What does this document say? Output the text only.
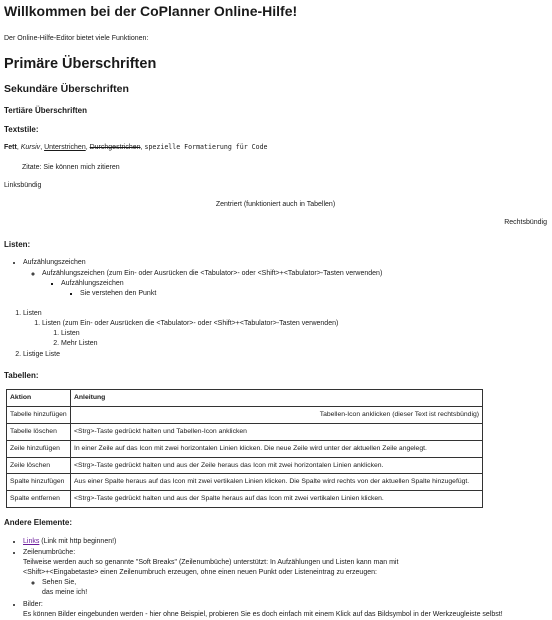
Willkommen bei der CoPlanner Online-Hilfe!

Der Online-Hilfe-Editor bietet viele Funktionen:

Primäre Überschriften
Sekundäre Überschriften
Tertiäre Überschriften
Textstile:

Fett, Kursiv, Unterstrichen, Durchgestrichen, spezielle Formatierung für Code

Zitate: Sie können mich zitieren

Linksbündig

Zentriert (funktioniert auch in Tabellen)

Rechtsbündig

Listen:
• Aufzählungszeichen
◦ Aufzählungszeichen (zum Ein- oder Ausrücken die <Tabulator>- oder <Shift>+<Tabulator>-Tasten verwenden)
▪ Aufzählungszeichen
▪ Sie verstehen den Punkt
1. Listen
1. Listen (zum Ein- oder Ausrücken die <Tabulator>- oder <Shift>+<Tabulator>-Tasten verwenden)
1. Listen
2. Mehr Listen
2. Listige Liste
Tabellen:
Aktion	Anleitung
Tabelle hinzufügen	Tabellen-Icon anklicken (dieser Text ist rechtsbündig)
Tabelle löschen	<Strg>-Taste gedrückt halten und Tabellen-Icon anklicken
Zeile hinzufügen	In einer Zeile auf das Icon mit zwei horizontalen Linien klicken. Die neue Zeile wird unter der aktuellen Zeile angelegt.
Zeile löschen	<Strg>-Taste gedrückt halten und aus der Zeile heraus das Icon mit zwei horizontalen Linien anklicken.
Spalte hinzufügen	Aus einer Spalte heraus auf das Icon mit zwei vertikalen Linien klicken. Die Spalte wird rechts von der aktuellen Spalte hinzugefügt.
Spalte entfernen	<Strg>-Taste gedrückt halten und aus der Spalte heraus auf das Icon mit zwei vertikalen Linien klicken.
Andere Elemente:
• Links (Link mit http beginnen!)
• Zeilenumbrüche:
Teilweise werden auch so genannte "Soft Breaks" (Zeilenumbüche) unterstützt: In Aufzählungen und Listen kann man mit
<Shift>+<Eingabetaste> einen Zeilenumbruch erzeugen, ohne einen neuen Punkt oder Listeneintrag zu erzeugen:
◦ Sehen Sie,
das meine ich!
• Bilder:
Es können Bilder eingebunden werden - hier ohne Beispiel, probieren Sie es doch einfach mit einem Klick auf das Bildsymbol in der Werkzeugleiste selbst!
